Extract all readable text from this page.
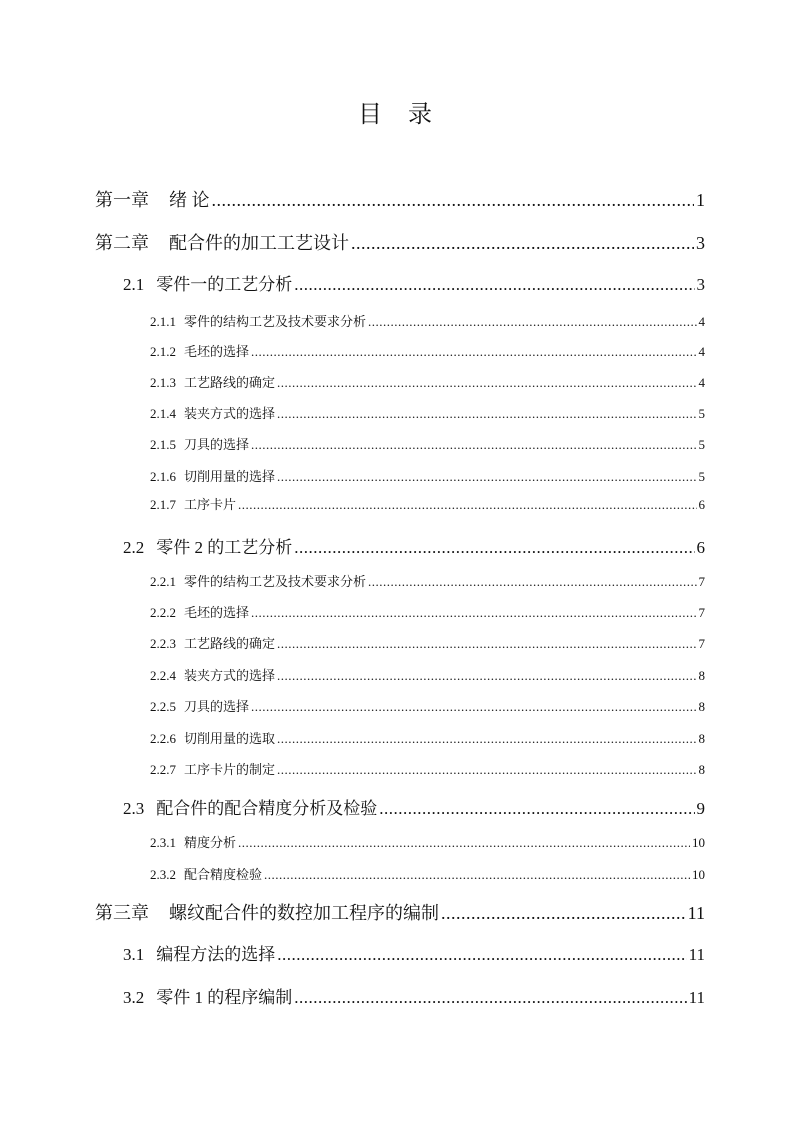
目 录
第一章 绪 论 .....	1
第二章 配合件的加工工艺设计 .....	3
2.1 零件一的工艺分析 .....	3
2.1.1 零件的结构工艺及技术要求分析 .....	4
2.1.2 毛坯的选择 .....	4
2.1.3 工艺路线的确定 .....	4
2.1.4 装夹方式的选择 .....	5
2.1.5 刀具的选择 .....	5
2.1.6 切削用量的选择 .....	5
2.1.7 工序卡片 .....	6
2.2 零件 2 的工艺分析 .....	6
2.2.1 零件的结构工艺及技术要求分析 .....	7
2.2.2 毛坯的选择 .....	7
2.2.3 工艺路线的确定 .....	7
2.2.4 装夹方式的选择 .....	8
2.2.5 刀具的选择 .....	8
2.2.6 切削用量的选取 .....	8
2.2.7 工序卡片的制定 .....	8
2.3 配合件的配合精度分析及检验 .....	9
2.3.1 精度分析 .....	10
2.3.2 配合精度检验 .....	10
第三章 螺纹配合件的数控加工程序的编制 .....	11
3.1 编程方法的选择 .....	11
3.2 零件 1 的程序编制 .....	11
